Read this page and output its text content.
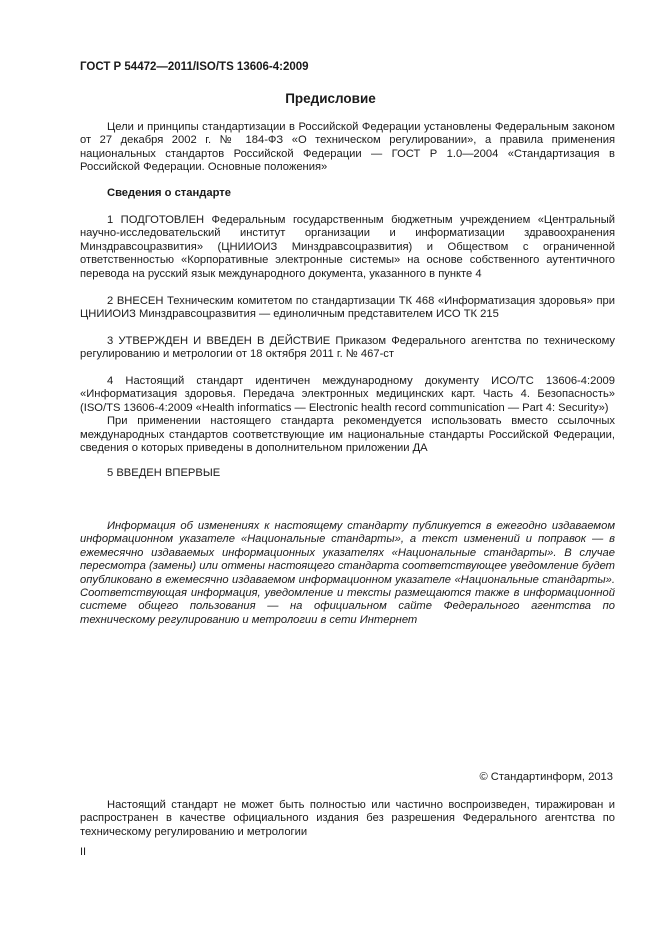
ГОСТ Р 54472—2011/ISO/TS 13606-4:2009
Предисловие

Цели и принципы стандартизации в Российской Федерации установлены Федеральным законом от 27 декабря 2002 г. № 184-ФЗ «О техническом регулировании», а правила применения национальных стандартов Российской Федерации — ГОСТ Р 1.0—2004 «Стандартизация в Российской Федерации. Основные положения»

Сведения о стандарте

1 ПОДГОТОВЛЕН Федеральным государственным бюджетным учреждением «Центральный научно-исследовательский институт организации и информатизации здравоохранения Минздравсоцразвития» (ЦНИИОИЗ Минздравсоцразвития) и Обществом с ограниченной ответственностью «Корпоративные электронные системы» на основе собственного аутентичного перевода на русский язык международного документа, указанного в пункте 4

2 ВНЕСЕН Техническим комитетом по стандартизации ТК 468 «Информатизация здоровья» при ЦНИИОИЗ Минздравсоцразвития — единоличным представителем ИСО ТК 215

3 УТВЕРЖДЕН И ВВЕДЕН В ДЕЙСТВИЕ Приказом Федерального агентства по техническому регулированию и метрологии от 18 октября 2011 г. № 467-ст

4 Настоящий стандарт идентичен международному документу ИСО/ТС 13606-4:2009 «Информатизация здоровья. Передача электронных медицинских карт. Часть 4. Безопасность» (ISO/TS 13606-4:2009 «Health informatics — Electronic health record communication — Part 4: Security»)

При применении настоящего стандарта рекомендуется использовать вместо ссылочных международных стандартов соответствующие им национальные стандарты Российской Федерации, сведения о которых приведены в дополнительном приложении ДА

5 ВВЕДЕН ВПЕРВЫЕ

Информация об изменениях к настоящему стандарту публикуется в ежегодно издаваемом информационном указателе «Национальные стандарты», а текст изменений и поправок — в ежемесячно издаваемых информационных указателях «Национальные стандарты». В случае пересмотра (замены) или отмены настоящего стандарта соответствующее уведомление будет опубликовано в ежемесячно издаваемом информационном указателе «Национальные стандарты». Соответствующая информация, уведомление и тексты размещаются также в информационной системе общего пользования — на официальном сайте Федерального агентства по техническому регулированию и метрологии в сети Интернет

© Стандартинформ, 2013

Настоящий стандарт не может быть полностью или частично воспроизведен, тиражирован и распространен в качестве официального издания без разрешения Федерального агентства по техническому регулированию и метрологии

II
